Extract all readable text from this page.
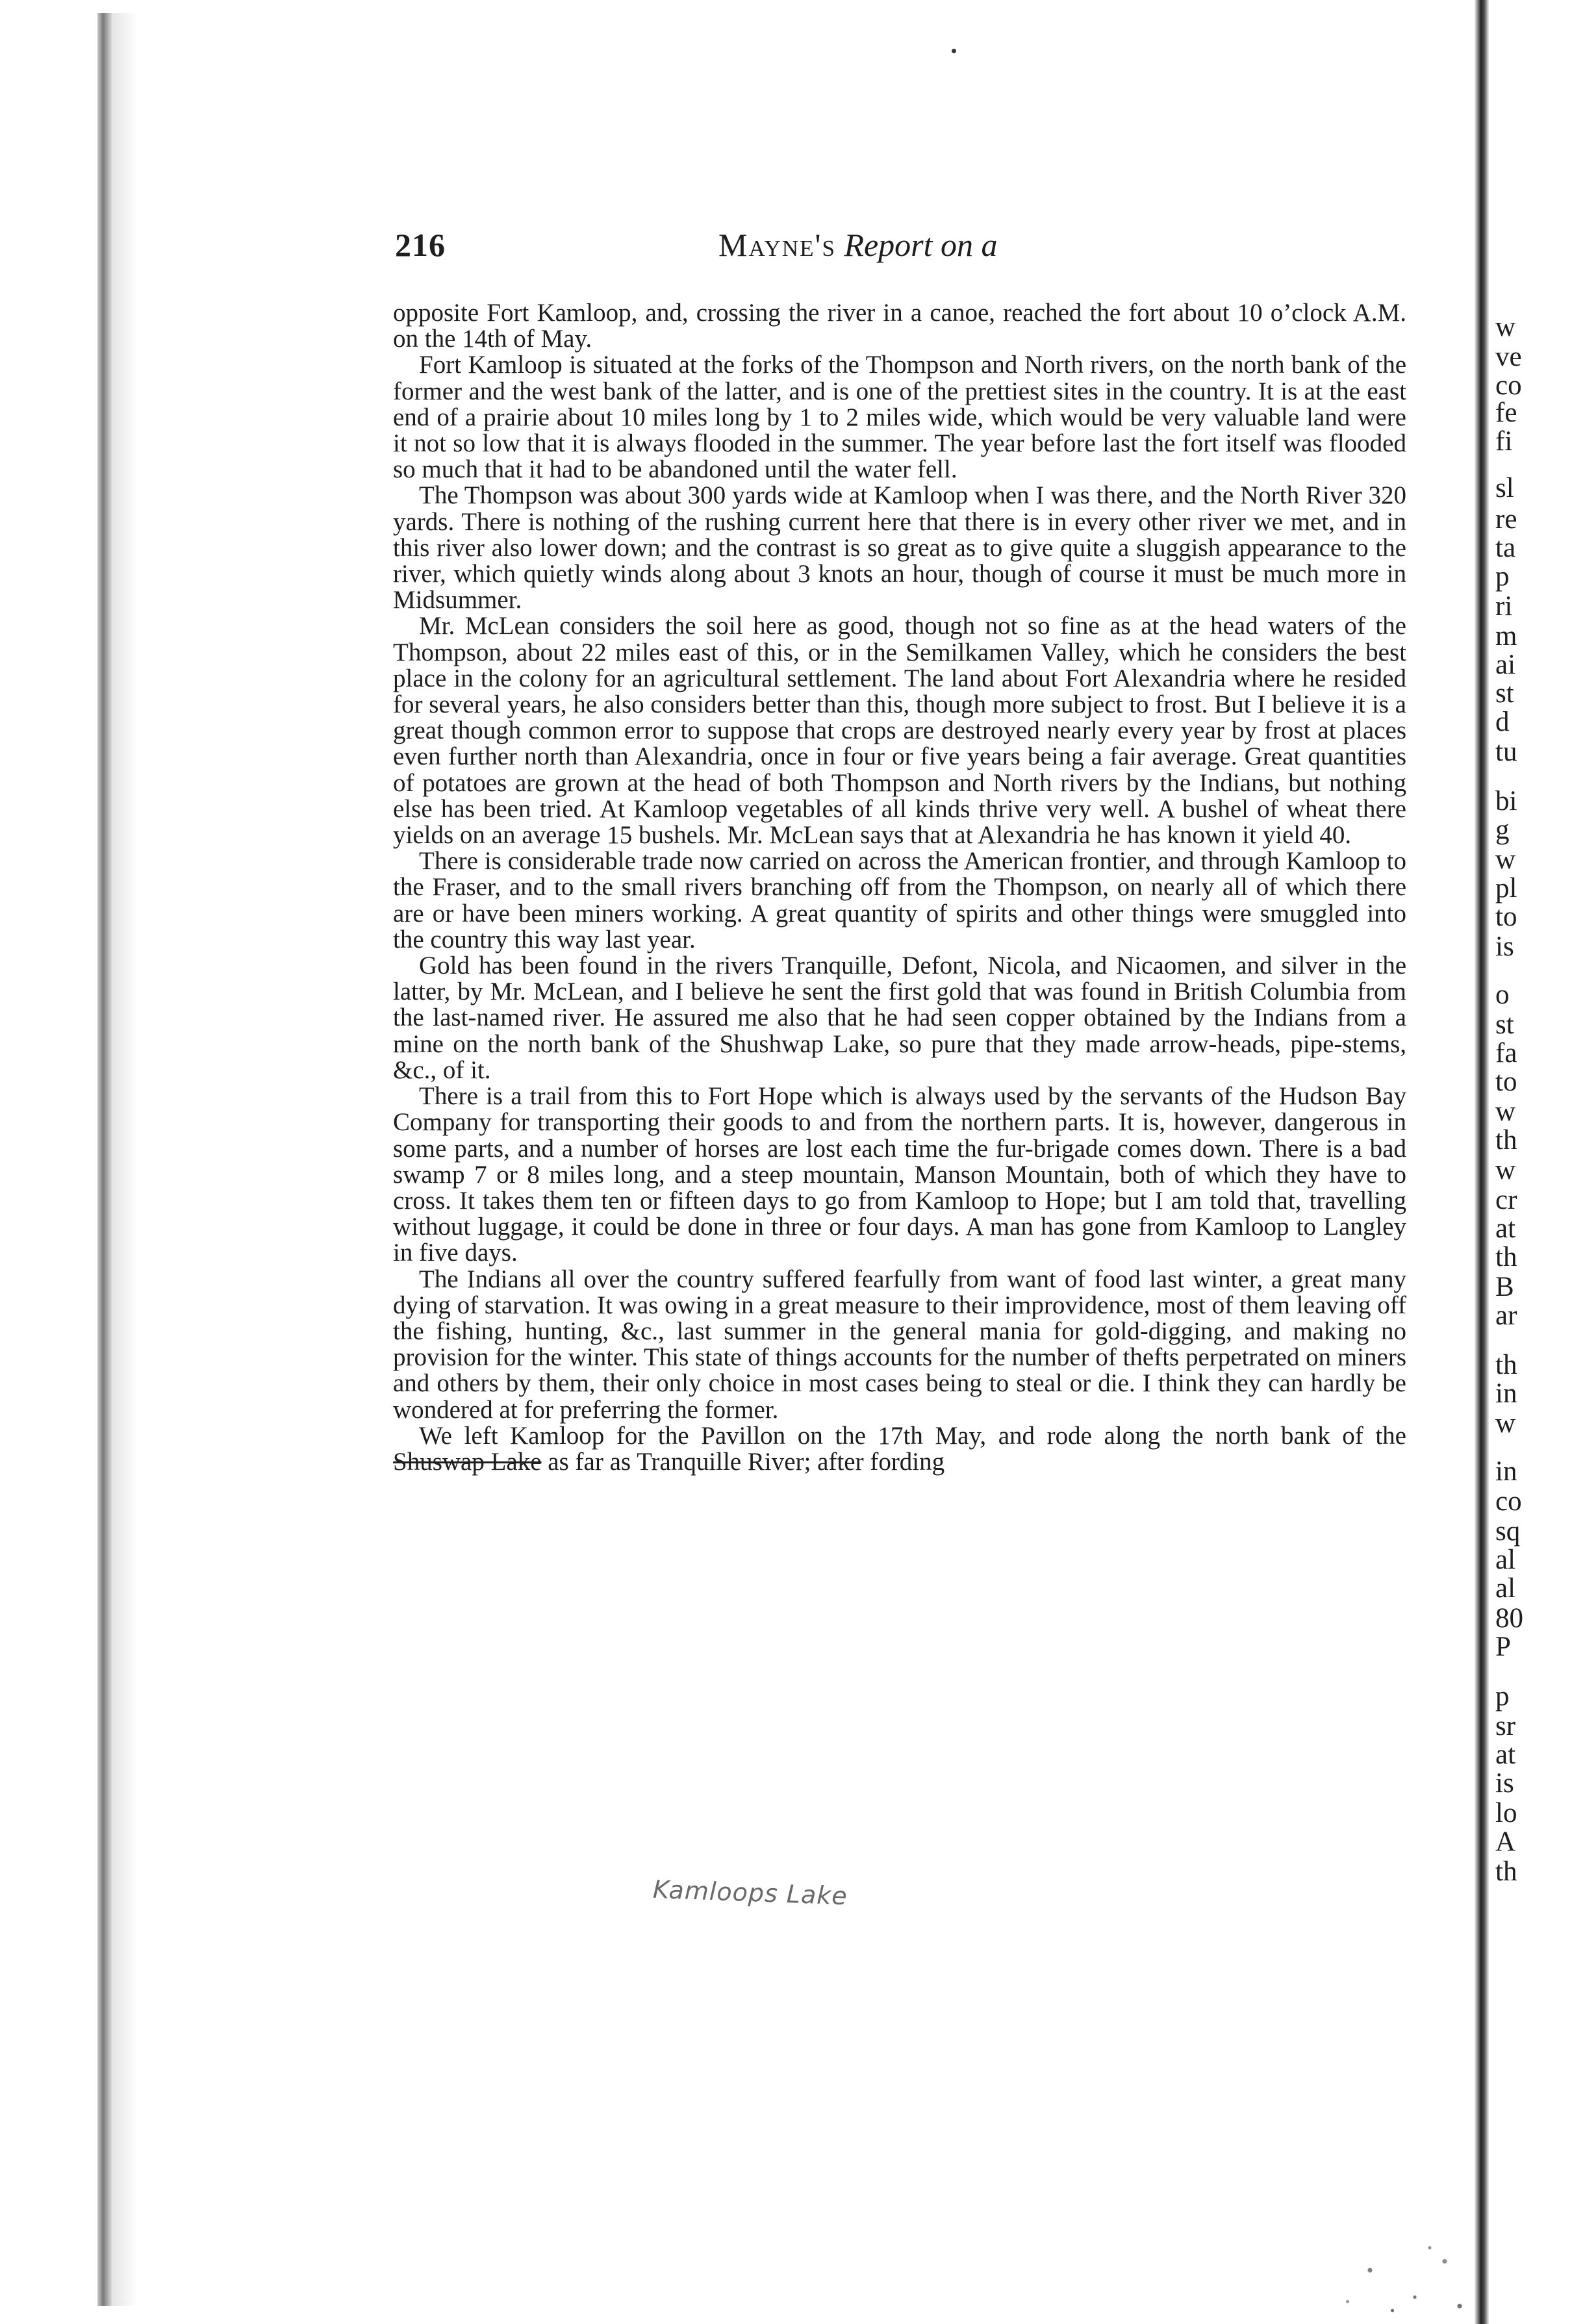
216	Mayne's Report on a

opposite Fort Kamloop, and, crossing the river in a canoe, reached the fort about 10 o’clock A.M. on the 14th of May.

Fort Kamloop is situated at the forks of the Thompson and North rivers, on the north bank of the former and the west bank of the latter, and is one of the prettiest sites in the country. It is at the east end of a prairie about 10 miles long by 1 to 2 miles wide, which would be very valuable land were it not so low that it is always flooded in the summer. The year before last the fort itself was flooded so much that it had to be abandoned until the water fell.

The Thompson was about 300 yards wide at Kamloop when I was there, and the North River 320 yards. There is nothing of the rushing current here that there is in every other river we met, and in this river also lower down; and the contrast is so great as to give quite a sluggish appearance to the river, which quietly winds along about 3 knots an hour, though of course it must be much more in Midsummer.

Mr. McLean considers the soil here as good, though not so fine as at the head waters of the Thompson, about 22 miles east of this, or in the Semilkamen Valley, which he considers the best place in the colony for an agricultural settlement. The land about Fort Alexandria where he resided for several years, he also considers better than this, though more subject to frost. But I believe it is a great though common error to suppose that crops are destroyed nearly every year by frost at places even further north than Alexandria, once in four or five years being a fair average. Great quantities of potatoes are grown at the head of both Thompson and North rivers by the Indians, but nothing else has been tried. At Kamloop vegetables of all kinds thrive very well. A bushel of wheat there yields on an average 15 bushels. Mr. McLean says that at Alexandria he has known it yield 40.

There is considerable trade now carried on across the American frontier, and through Kamloop to the Fraser, and to the small rivers branching off from the Thompson, on nearly all of which there are or have been miners working. A great quantity of spirits and other things were smuggled into the country this way last year.

Gold has been found in the rivers Tranquille, Defont, Nicola, and Nicaomen, and silver in the latter, by Mr. McLean, and I believe he sent the first gold that was found in British Columbia from the last-named river. He assured me also that he had seen copper obtained by the Indians from a mine on the north bank of the Shushwap Lake, so pure that they made arrow-heads, pipe-stems, &c., of it.

There is a trail from this to Fort Hope which is always used by the servants of the Hudson Bay Company for transporting their goods to and from the northern parts. It is, however, dangerous in some parts, and a number of horses are lost each time the fur-brigade comes down. There is a bad swamp 7 or 8 miles long, and a steep mountain, Manson Mountain, both of which they have to cross. It takes them ten or fifteen days to go from Kamloop to Hope; but I am told that, travelling without luggage, it could be done in three or four days. A man has gone from Kamloop to Langley in five days.

The Indians all over the country suffered fearfully from want of food last winter, a great many dying of starvation. It was owing in a great measure to their improvidence, most of them leaving off the fishing, hunting, &c., last summer in the general mania for gold-digging, and making no provision for the winter. This state of things accounts for the number of thefts perpetrated on miners and others by them, their only choice in most cases being to steal or die. I think they can hardly be wondered at for preferring the former.

We left Kamloop for the Pavillon on the 17th May, and rode along the north bank of the Shuswap Lake as far as Tranquille River; after fording

Kamloops Lake
w
ve
co
fe
fi
sl
re
ta
p
ri
m
ai
st
d
tu
bi
g
w
pl
to
is
o
st
fa
to
w
th
w
cr
at
th
B
ar
th
in
w
in
co
sq
al
al
80
P
p
sr
at
is
lo
A
th
